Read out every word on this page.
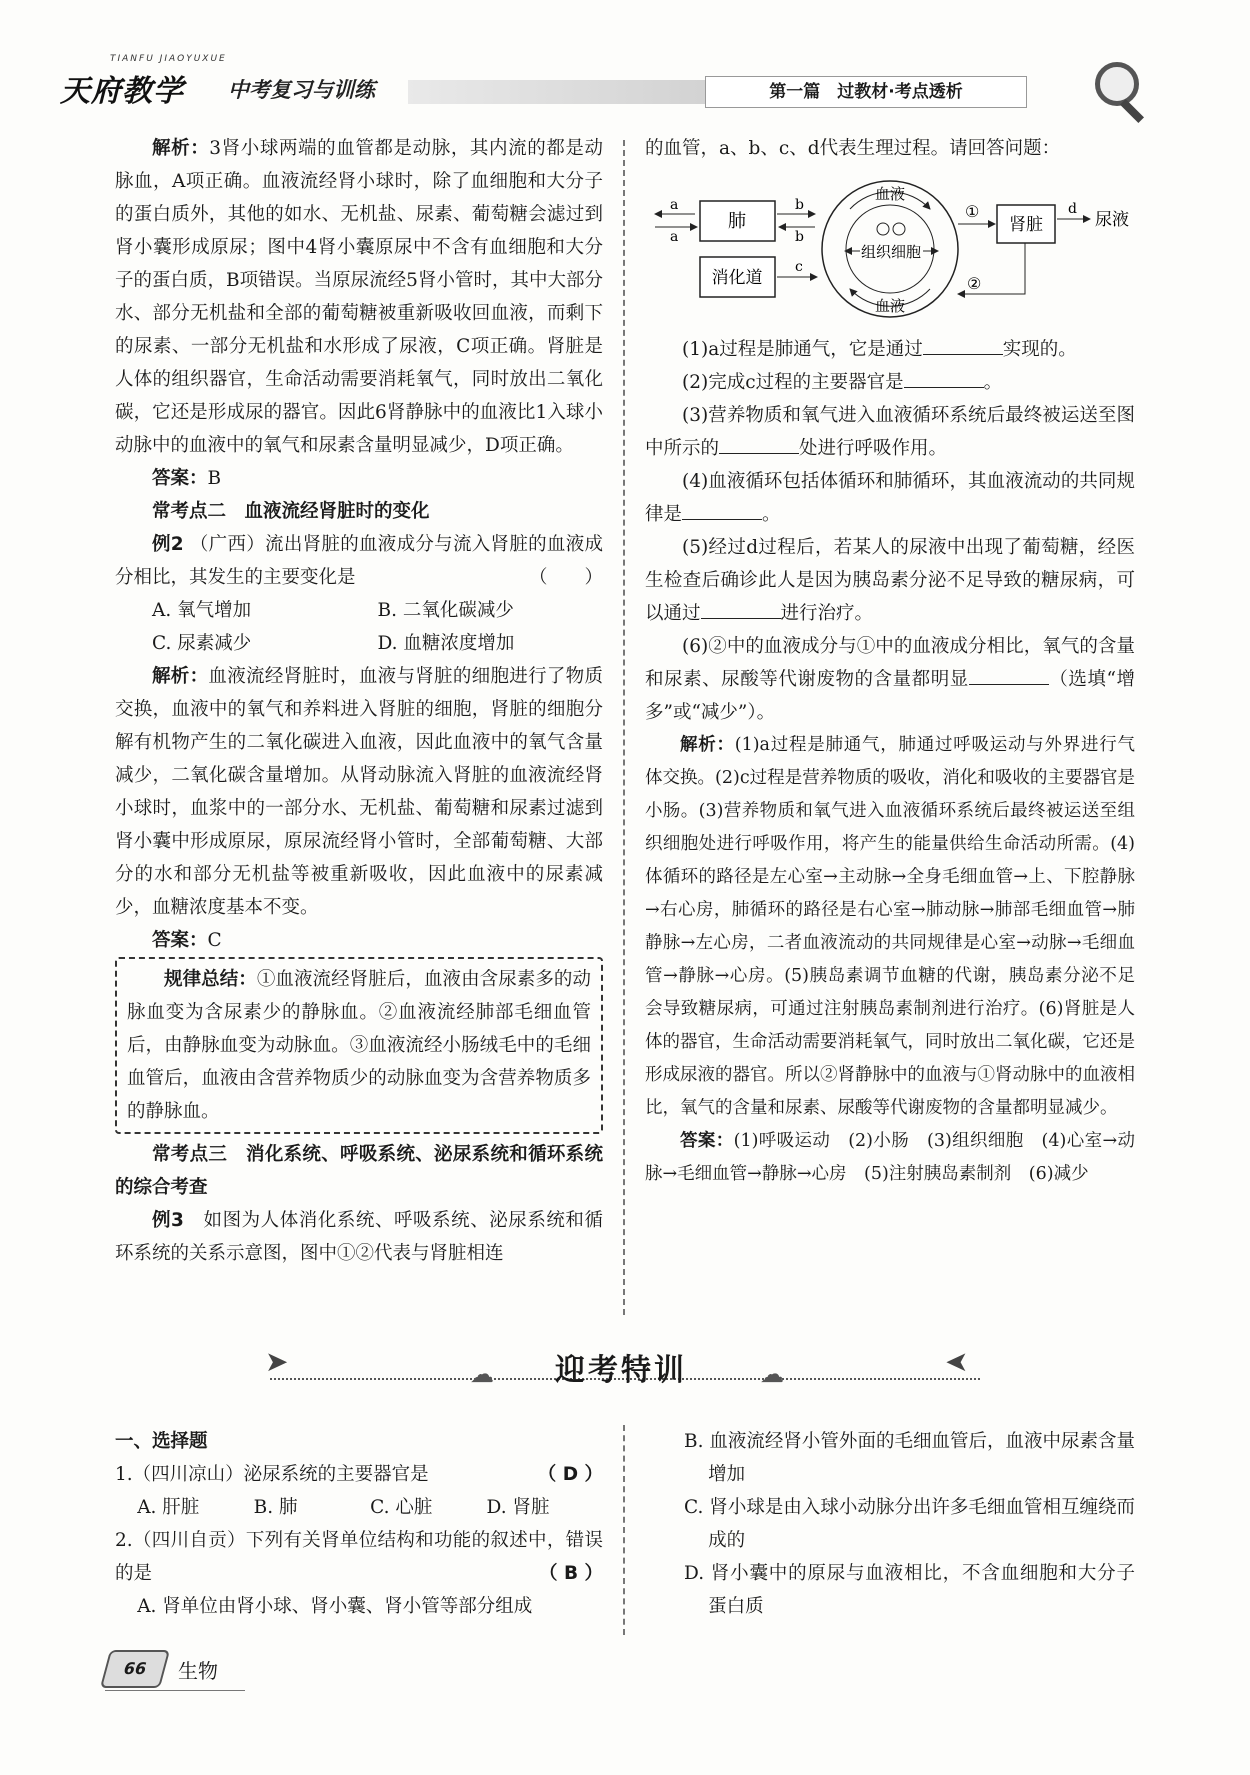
TIANFU JIAOYUXUE
天府教学 中考复习与训练	第一篇　过教材·考点透析

解析：3肾小球两端的血管都是动脉，其内流的都是动脉血，A项正确。血液流经肾小球时，除了血细胞和大分子的蛋白质外，其他的如水、无机盐、尿素、葡萄糖会滤过到肾小囊形成原尿；图中4肾小囊原尿中不含有血细胞和大分子的蛋白质，B项错误。当原尿流经5肾小管时，其中大部分水、部分无机盐和全部的葡萄糖被重新吸收回血液，而剩下的尿素、一部分无机盐和水形成了尿液，C项正确。肾脏是人体的组织器官，生命活动需要消耗氧气，同时放出二氧化碳，它还是形成尿的器官。因此6肾静脉中的血液比1入球小动脉中的血液中的氧气和尿素含量明显减少，D项正确。

答案：B

常考点二　血液流经肾脏时的变化

例2 （广西）流出肾脏的血液成分与流入肾脏的血液成分相比，其发生的主要变化是	（　　）

A. 氧气增加	B. 二氧化碳减少
C. 尿素减少	D. 血糖浓度增加

解析：血液流经肾脏时，血液与肾脏的细胞进行了物质交换，血液中的氧气和养料进入肾脏的细胞，肾脏的细胞分解有机物产生的二氧化碳进入血液，因此血液中的氧气含量减少，二氧化碳含量增加。从肾动脉流入肾脏的血液流经肾小球时，血浆中的一部分水、无机盐、葡萄糖和尿素过滤到肾小囊中形成原尿，原尿流经肾小管时，全部葡萄糖、大部分的水和部分无机盐等被重新吸收，因此血液中的尿素减少，血糖浓度基本不变。

答案：C

规律总结：①血液流经肾脏后，血液由含尿素多的动脉血变为含尿素少的静脉血。②血液流经肺部毛细血管后，由静脉血变为动脉血。③血液流经小肠绒毛中的毛细血管后，血液由含营养物质少的动脉血变为含营养物质多的静脉血。

常考点三　消化系统、呼吸系统、泌尿系统和循环系统的综合考查

例3　 如图为人体消化系统、呼吸系统、泌尿系统和循环系统的关系示意图，图中①②代表与肾脏相连

的血管，a、b、c、d代表生理过程。请回答问题：

肺
消化道
a
a
b
b
c
血液
血液
组织细胞
①
②
肾脏
d
尿液

(1)a过程是肺通气，它是通过	实现的。

(2)完成c过程的主要器官是	。

(3)营养物质和氧气进入血液循环系统后最终被运送至图中所示的	处进行呼吸作用。

(4)血液循环包括体循环和肺循环，其血液流动的共同规律是	。

(5)经过d过程后，若某人的尿液中出现了葡萄糖，经医生检查后确诊此人是因为胰岛素分泌不足导致的糖尿病，可以通过	进行治疗。

(6)②中的血液成分与①中的血液成分相比，氧气的含量和尿素、尿酸等代谢废物的含量都明显	（选填“增多”或“减少”）。

解析：(1)a过程是肺通气，肺通过呼吸运动与外界进行气体交换。(2)c过程是营养物质的吸收，消化和吸收的主要器官是小肠。(3)营养物质和氧气进入血液循环系统后最终被运送至组织细胞处进行呼吸作用，将产生的能量供给生命活动所需。(4)体循环的路径是左心室→主动脉→全身毛细血管→上、下腔静脉→右心房，肺循环的路径是右心室→肺动脉→肺部毛细血管→肺静脉→左心房，二者血液流动的共同规律是心室→动脉→毛细血管→静脉→心房。(5)胰岛素调节血糖的代谢，胰岛素分泌不足会导致糖尿病，可通过注射胰岛素制剂进行治疗。(6)肾脏是人体的器官，生命活动需要消耗氧气，同时放出二氧化碳，它还是形成尿液的器官。所以②肾静脉中的血液与①肾动脉中的血液相比，氧气的含量和尿素、尿酸等代谢废物的含量都明显减少。

答案：(1)呼吸运动　(2)小肠　(3)组织细胞　(4)心室→动脉→毛细血管→静脉→心房　(5)注射胰岛素制剂　(6)减少

➤	➤
☁	☁
迎考特训

一、选择题

1.（四川凉山）泌尿系统的主要器官是	（ D ）

A. 肝脏	B. 肺	C. 心脏	D. 肾脏

2.（四川自贡）下列有关肾单位结构和功能的叙述中，错误的是	（ B ）

A. 肾单位由肾小球、肾小囊、肾小管等部分组成

B. 血液流经肾小管外面的毛细血管后，血液中尿素含量增加

C. 肾小球是由入球小动脉分出许多毛细血管相互缠绕而成的

D. 肾小囊中的原尿与血液相比，不含血细胞和大分子蛋白质

66	生物
